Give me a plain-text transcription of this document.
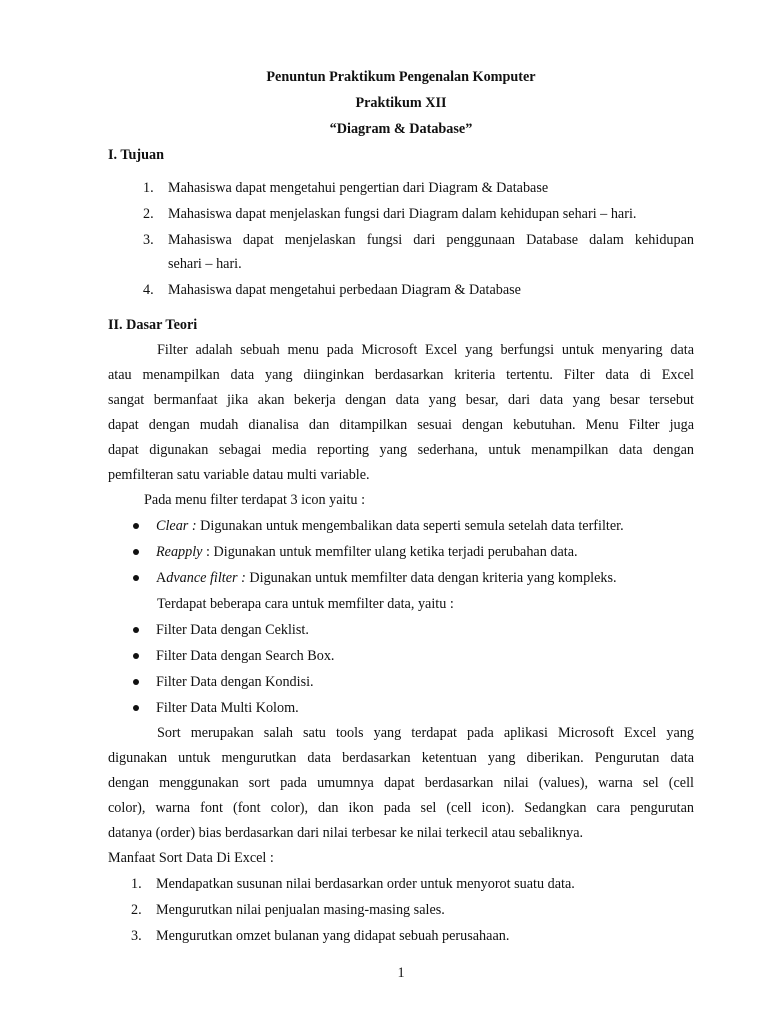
Penuntun Praktikum Pengenalan Komputer
Praktikum XII
“Diagram & Database”
I. Tujuan
1. Mahasiswa dapat mengetahui pengertian dari Diagram & Database
2. Mahasiswa dapat menjelaskan fungsi dari Diagram dalam kehidupan sehari – hari.
3. Mahasiswa dapat menjelaskan fungsi dari penggunaan Database dalam kehidupan
sehari – hari.
4. Mahasiswa dapat mengetahui perbedaan Diagram & Database
II. Dasar Teori
Filter adalah sebuah menu pada Microsoft Excel yang berfungsi untuk menyaring data
atau menampilkan data yang diinginkan berdasarkan kriteria tertentu. Filter data di Excel
sangat bermanfaat jika akan bekerja dengan data yang besar, dari data yang besar tersebut
dapat dengan mudah dianalisa dan ditampilkan sesuai dengan kebutuhan. Menu Filter juga
dapat digunakan sebagai media reporting yang sederhana, untuk menampilkan data dengan
pemfilteran satu variable datau multi variable.
Pada menu filter terdapat 3 icon yaitu :
Clear : Digunakan untuk mengembalikan data seperti semula setelah data terfilter.
Reapply : Digunakan untuk memfilter ulang ketika terjadi perubahan data.
Advance filter : Digunakan untuk memfilter data dengan kriteria yang kompleks.
Terdapat beberapa cara untuk memfilter data, yaitu :
Filter Data dengan Ceklist.
Filter Data dengan Search Box.
Filter Data dengan Kondisi.
Filter Data Multi Kolom.
Sort merupakan salah satu tools yang terdapat pada aplikasi Microsoft Excel yang
digunakan untuk mengurutkan data berdasarkan ketentuan yang diberikan. Pengurutan data
dengan menggunakan sort pada umumnya dapat berdasarkan nilai (values), warna sel (cell
color), warna font (font color), dan ikon pada sel (cell icon). Sedangkan cara pengurutan
datanya (order) bias berdasarkan dari nilai terbesar ke nilai terkecil atau sebaliknya.
Manfaat Sort Data Di Excel :
1. Mendapatkan susunan nilai berdasarkan order untuk menyorot suatu data.
2. Mengurutkan nilai penjualan masing-masing sales.
3. Mengurutkan omzet bulanan yang didapat sebuah perusahaan.
1
